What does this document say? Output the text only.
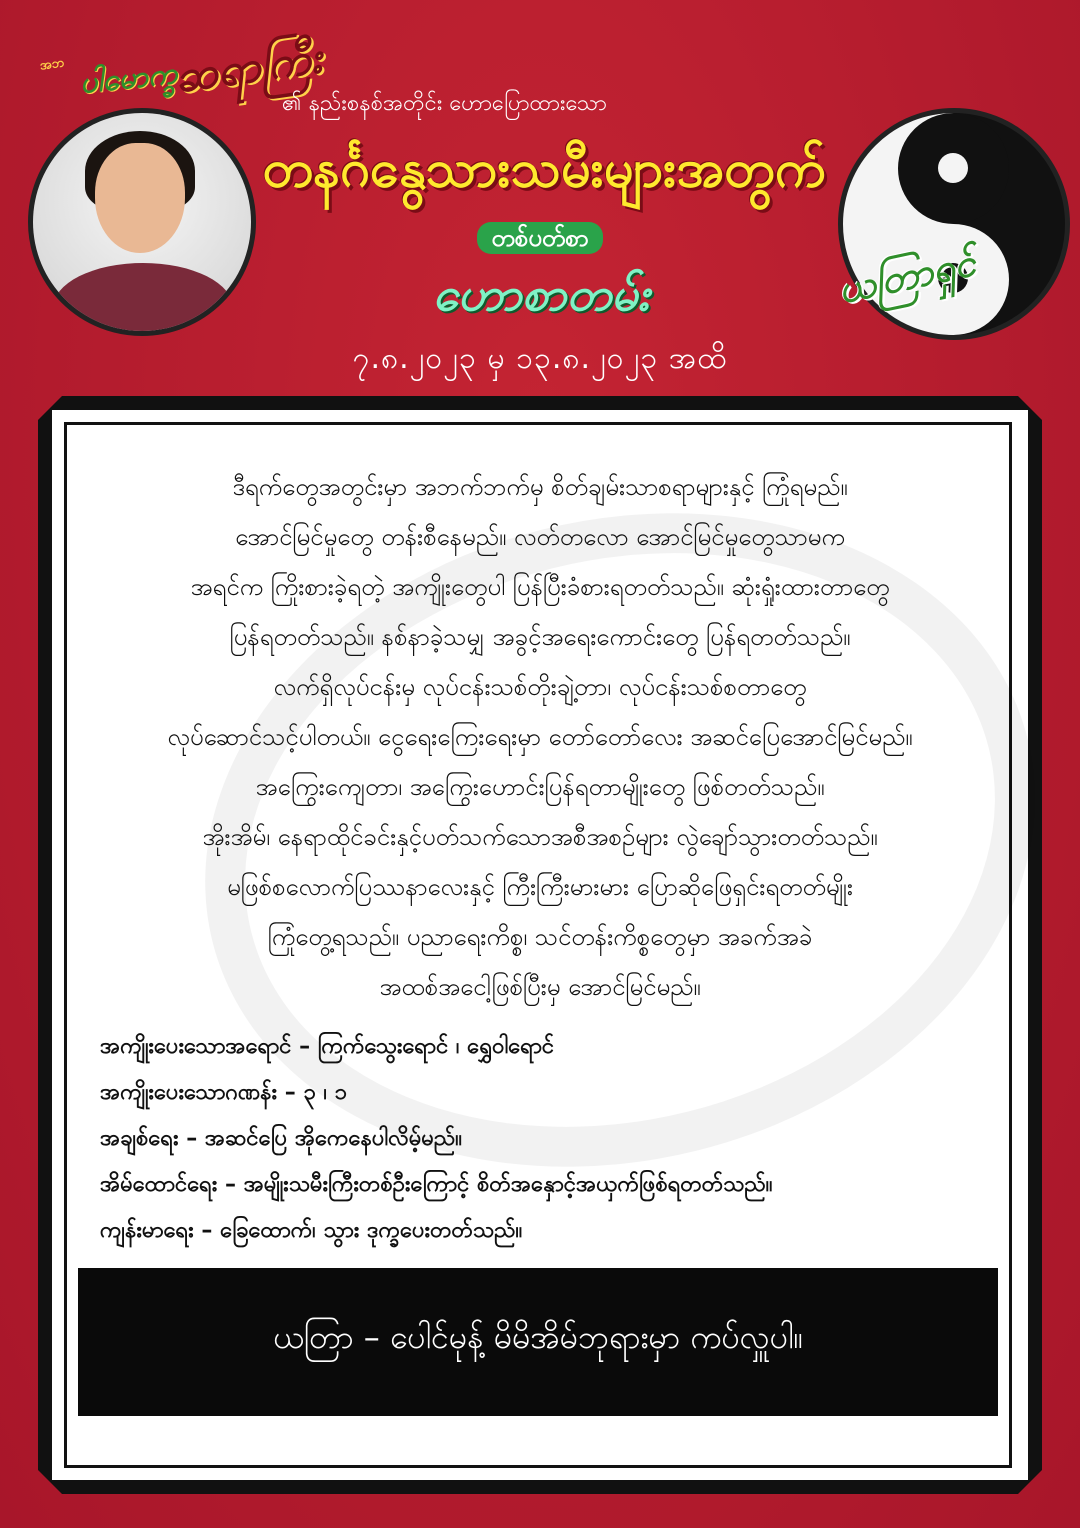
အဘ ပါမောက္ခ
ဆရာကြီး
၏ နည်းစနစ်အတိုင်း ဟောပြောထားသော
တနင်္ဂနွေသားသမီးများအတွက်
တစ်ပတ်စာ
ဟောစာတမ်း
၇.၈.၂၀၂၃ မှ ၁၃.၈.၂၀၂၃ အထိ
ယတြာရှင်

ဒီရက်တွေအတွင်းမှာ အဘက်ဘက်မှ စိတ်ချမ်းသာစရာများနှင့် ကြုံရမည်။

အောင်မြင်မှုတွေ တန်းစီနေမည်။ လတ်တလော အောင်မြင်မှုတွေသာမက

အရင်က ကြိုးစားခဲ့ရတဲ့ အကျိုးတွေပါ ပြန်ပြီးခံစားရတတ်သည်။ ဆုံးရှုံးထားတာတွေ

ပြန်ရတတ်သည်။ နစ်နာခဲ့သမျှ အခွင့်အရေးကောင်းတွေ ပြန်ရတတ်သည်။

လက်ရှိလုပ်ငန်းမှ လုပ်ငန်းသစ်တိုးချဲ့တာ၊ လုပ်ငန်းသစ်စတာတွေ

လုပ်ဆောင်သင့်ပါတယ်။ ငွေရေးကြေးရေးမှာ တော်တော်လေး အဆင်ပြေအောင်မြင်မည်။

အကြွေးကျေတာ၊ အကြွေးဟောင်းပြန်ရတာမျိုးတွေ ဖြစ်တတ်သည်။

အိုးအိမ်၊ နေရာထိုင်ခင်းနှင့်ပတ်သက်သောအစီအစဉ်များ လွဲချော်သွားတတ်သည်။

မဖြစ်စလောက်ပြဿနာလေးနှင့် ကြီးကြီးမားမား ပြောဆိုဖြေရှင်းရတတ်မျိုး

ကြုံတွေ့ရသည်။ ပညာရေးကိစ္စ၊ သင်တန်းကိစ္စတွေမှာ အခက်အခဲ

အထစ်အငေါ့ဖြစ်ပြီးမှ အောင်မြင်မည်။

အကျိုးပေးသောအရောင် – ကြက်သွေးရောင် ၊ ရွှေဝါရောင်

အကျိုးပေးသောဂဏန်း – ၃ ၊ ၁

အချစ်ရေး – အဆင်ပြေ အိုကေနေပါလိမ့်မည်။

အိမ်ထောင်ရေး – အမျိုးသမီးကြီးတစ်ဦးကြောင့် စိတ်အနှောင့်အယှက်ဖြစ်ရတတ်သည်။

ကျန်းမာရေး – ခြေထောက်၊ သွား ဒုက္ခပေးတတ်သည်။

ယတြာ – ပေါင်မုန့် မိမိအိမ်ဘုရားမှာ ကပ်လှူပါ။
